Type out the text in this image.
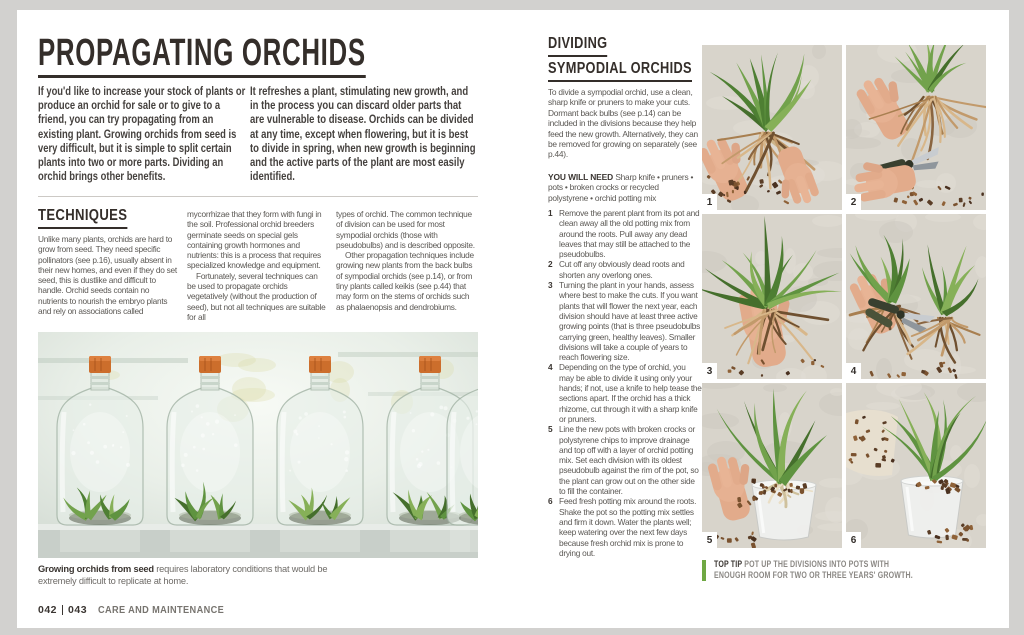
PROPAGATING ORCHIDS
If you'd like to increase your stock of plants or produce an orchid for sale or to give to a friend, you can try propagating from an existing plant. Growing orchids from seed is very difficult, but it is simple to split certain plants into two or more parts. Dividing an orchid brings other benefits.
It refreshes a plant, stimulating new growth, and in the process you can discard older parts that are vulnerable to disease. Orchids can be divided at any time, except when flowering, but it is best to divide in spring, when new growth is beginning and the active parts of the plant are most easily identified.
TECHNIQUES
Unlike many plants, orchids are hard to grow from seed. They need specific pollinators (see p.16), usually absent in their new homes, and even if they do set seed, this is dustlike and difficult to handle. Orchid seeds contain no nutrients to nourish the embryo plants and rely on associations called
mycorrhizae that they form with fungi in the soil. Professional orchid breeders germinate seeds on special gels containing growth hormones and nutrients: this is a process that requires specialized knowledge and equipment.
Fortunately, several techniques can be used to propagate orchids vegetatively (without the production of seed), but not all techniques are suitable for all
types of orchid. The common technique of division can be used for most sympodial orchids (those with pseudobulbs) and is described opposite.
Other propagation techniques include growing new plants from the back bulbs of sympodial orchids (see p.14), or from tiny plants called keikis (see p.44) that may form on the stems of orchids such as phalaenopsis and dendrobiums.
Growing orchids from seed requires laboratory conditions that would be extremely difficult to replicate at home.
042 043 CARE AND MAINTENANCE
DIVIDING
SYMPODIAL ORCHIDS
To divide a sympodial orchid, use a clean, sharp knife or pruners to make your cuts. Dormant back bulbs (see p.14) can be included in the divisions because they help feed the new growth. Alternatively, they can be removed for growing on separately (see p.44).
YOU WILL NEED Sharp knife • pruners • pots • broken crocks or recycled polystyrene • orchid potting mix
1 Remove the parent plant from its pot and clean away all the old potting mix from around the roots. Pull away any dead leaves that may still be attached to the pseudobulbs.
2 Cut off any obviously dead roots and shorten any overlong ones.
3 Turning the plant in your hands, assess where best to make the cuts. If you want plants that will flower the next year, each division should have at least three active growing points (that is three pseudobulbs carrying green, healthy leaves). Smaller divisions will take a couple of years to reach flowering size.
4 Depending on the type of orchid, you may be able to divide it using only your hands; if not, use a knife to help tease the sections apart. If the orchid has a thick rhizome, cut through it with a sharp knife or pruners.
5 Line the new pots with broken crocks or polystyrene chips to improve drainage and top off with a layer of orchid potting mix. Set each division with its oldest pseudobulb against the rim of the pot, so the plant can grow out on the other side to fill the container.
6 Feed fresh potting mix around the roots. Shake the pot so the potting mix settles and firm it down. Water the plants well; keep watering over the next few days because fresh orchid mix is prone to drying out.
1	2
3	4
5	6
TOP TIP POT UP THE DIVISIONS INTO POTS WITH ENOUGH ROOM FOR TWO OR THREE YEARS' GROWTH.
